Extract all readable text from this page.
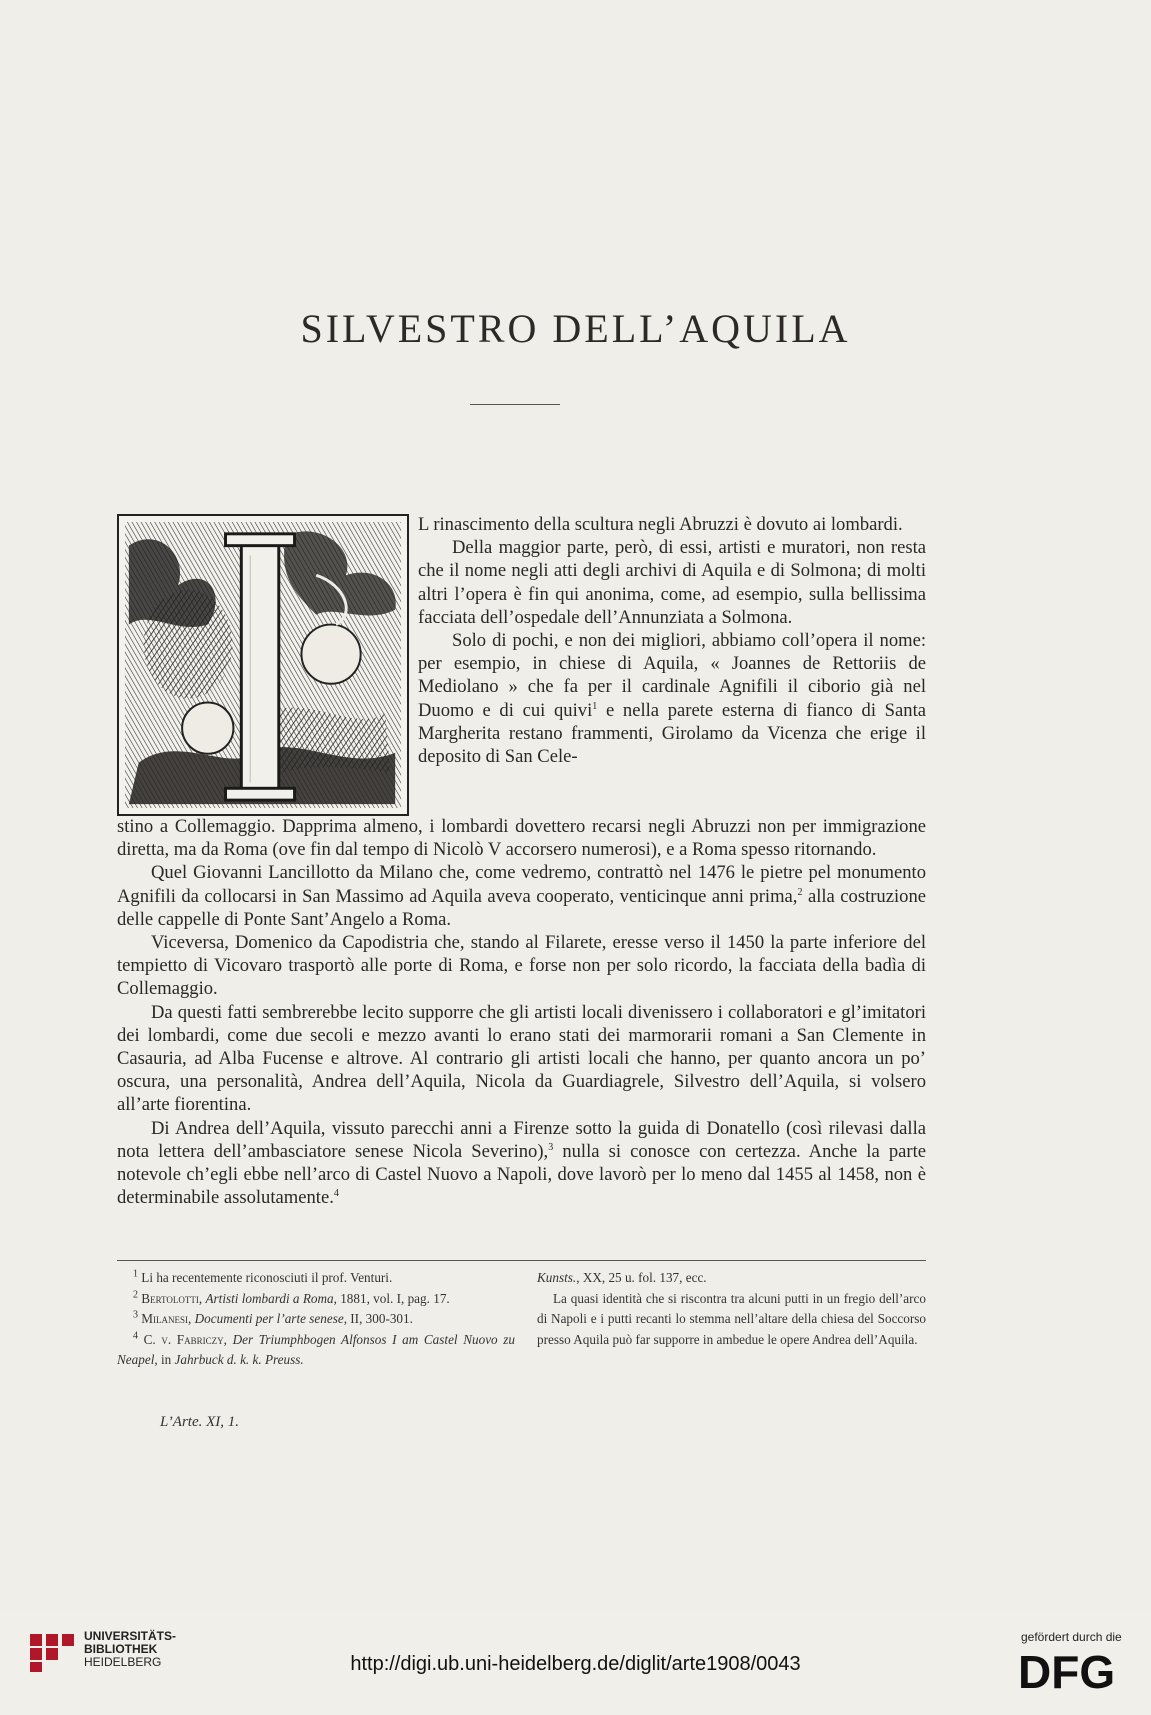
SILVESTRO DELL’AQUILA

L rinascimento della scultura negli Abruzzi è dovuto ai lombardi.

Della maggior parte, però, di essi, artisti e muratori, non resta che il nome negli atti degli archivi di Aquila e di Solmona; di molti altri l’opera è fin qui anonima, come, ad esempio, sulla bellissima facciata dell’ospedale dell’Annunziata a Solmona.

Solo di pochi, e non dei migliori, abbiamo coll’opera il nome: per esempio, in chiese di Aquila, « Joannes de Rettoriis de Mediolano » che fa per il cardinale Agnifili il ciborio già nel Duomo e di cui quivi$^1$ e nella parete esterna di fianco di Santa Margherita restano frammenti, Girolamo da Vicenza che erige il deposito di San Cele-

stino a Collemaggio. Dapprima almeno, i lombardi dovettero recarsi negli Abruzzi non per immigrazione diretta, ma da Roma (ove fin dal tempo di Nicolò V accorsero numerosi), e a Roma spesso ritornando.

Quel Giovanni Lancillotto da Milano che, come vedremo, contrattò nel 1476 le pietre pel monumento Agnifili da collocarsi in San Massimo ad Aquila aveva cooperato, venticinque anni prima,$^2$ alla costruzione delle cappelle di Ponte Sant’Angelo a Roma.

Viceversa, Domenico da Capodistria che, stando al Filarete, eresse verso il 1450 la parte inferiore del tempietto di Vicovaro trasportò alle porte di Roma, e forse non per solo ricordo, la facciata della badìa di Collemaggio.

Da questi fatti sembrerebbe lecito supporre che gli artisti locali divenissero i collaboratori e gl’imitatori dei lombardi, come due secoli e mezzo avanti lo erano stati dei marmorarii romani a San Clemente in Casauria, ad Alba Fucense e altrove. Al contrario gli artisti locali che hanno, per quanto ancora un po’ oscura, una personalità, Andrea dell’Aquila, Nicola da Guardiagrele, Silvestro dell’Aquila, si volsero all’arte fiorentina.

Di Andrea dell’Aquila, vissuto parecchi anni a Firenze sotto la guida di Donatello (così rilevasi dalla nota lettera dell’ambasciatore senese Nicola Severino),$^3$ nulla si conosce con certezza. Anche la parte notevole ch’egli ebbe nell’arco di Castel Nuovo a Napoli, dove lavorò per lo meno dal 1455 al 1458, non è determinabile assolutamente.$^4$

$^1$ Li ha recentemente riconosciuti il prof. Venturi.

$^2$ Bertolotti, Artisti lombardi a Roma, 1881, vol. I, pag. 17.

$^3$ Milanesi, Documenti per l’arte senese, II, 300-301.

$^4$ C. v. Fabriczy, Der Triumphbogen Alfonsos I am Castel Nuovo zu Neapel, in Jahrbuck d. k. k. Preuss.

Kunsts., XX, 25 u. fol. 137, ecc.

La quasi identità che si riscontra tra alcuni putti in un fregio dell’arco di Napoli e i putti recanti lo stemma nell’altare della chiesa del Soccorso presso Aquila può far supporre in ambedue le opere Andrea dell’Aquila.

L’Arte. XI, 1.
UNIVERSITÄTS-
BIBLIOTHEK
HEIDELBERG	http://digi.ub.uni-heidelberg.de/diglit/arte1908/0043
gefördert durch die
DFG
